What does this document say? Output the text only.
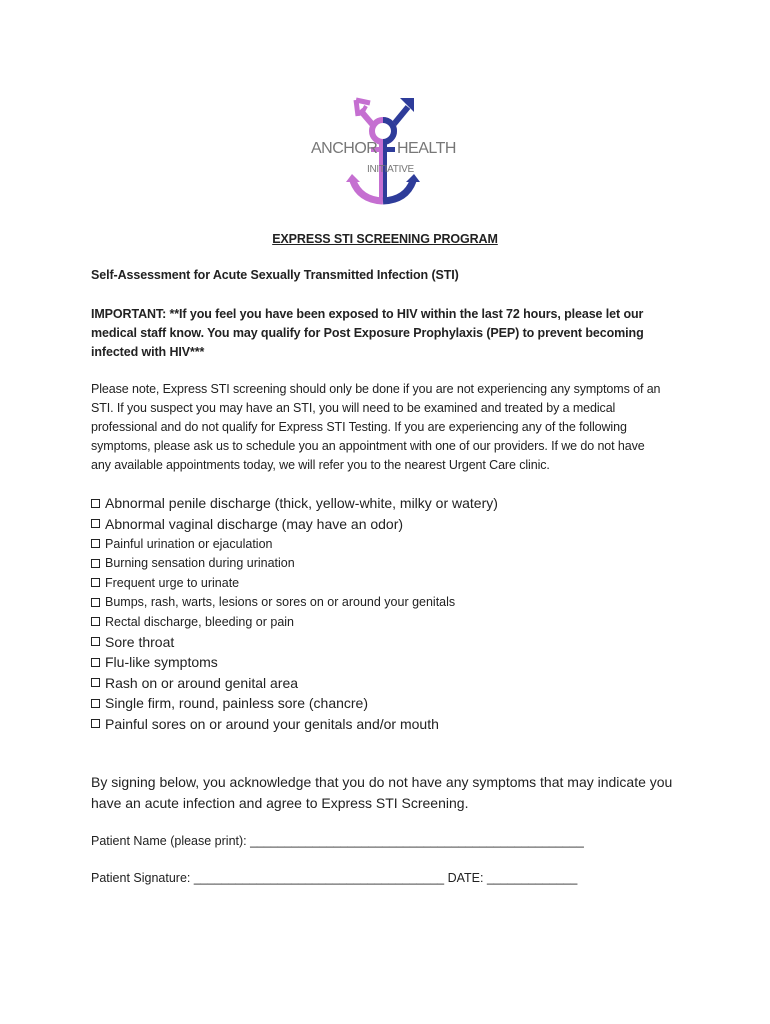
ANCHOR HEALTH
INITIATIVE
EXPRESS STI SCREENING PROGRAM
Self-Assessment for Acute Sexually Transmitted Infection (STI)
IMPORTANT: **If you feel you have been exposed to HIV within the last 72 hours, please let our
medical staff know. You may qualify for Post Exposure Prophylaxis (PEP) to prevent becoming
infected with HIV***
Please note, Express STI screening should only be done if you are not experiencing any symptoms of an
STI. If you suspect you may have an STI, you will need to be examined and treated by a medical
professional and do not qualify for Express STI Testing. If you are experiencing any of the following
symptoms, please ask us to schedule you an appointment with one of our providers. If we do not have
any available appointments today, we will refer you to the nearest Urgent Care clinic.
Abnormal penile discharge (thick, yellow-white, milky or watery)
Abnormal vaginal discharge (may have an odor)
Painful urination or ejaculation
Burning sensation during urination
Frequent urge to urinate
Bumps, rash, warts, lesions or sores on or around your genitals
Rectal discharge, bleeding or pain
Sore throat
Flu-like symptoms
Rash on or around genital area
Single firm, round, painless sore (chancre)
Painful sores on or around your genitals and/or mouth
By signing below, you acknowledge that you do not have any symptoms that may indicate you
have an acute infection and agree to Express STI Screening.
Patient Name (please print): ________________________________________________
Patient Signature: ____________________________________ DATE: _____________
